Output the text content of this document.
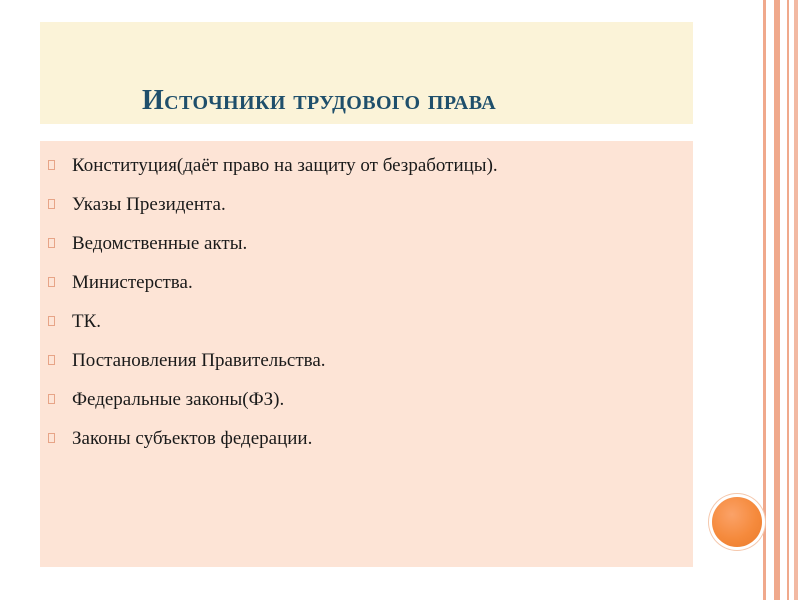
Источники трудового права
Конституция(даёт право на защиту от безработицы).
Указы Президента.
Ведомственные акты.
Министерства.
ТК.
Постановления Правительства.
Федеральные законы(ФЗ).
Законы субъектов федерации.
